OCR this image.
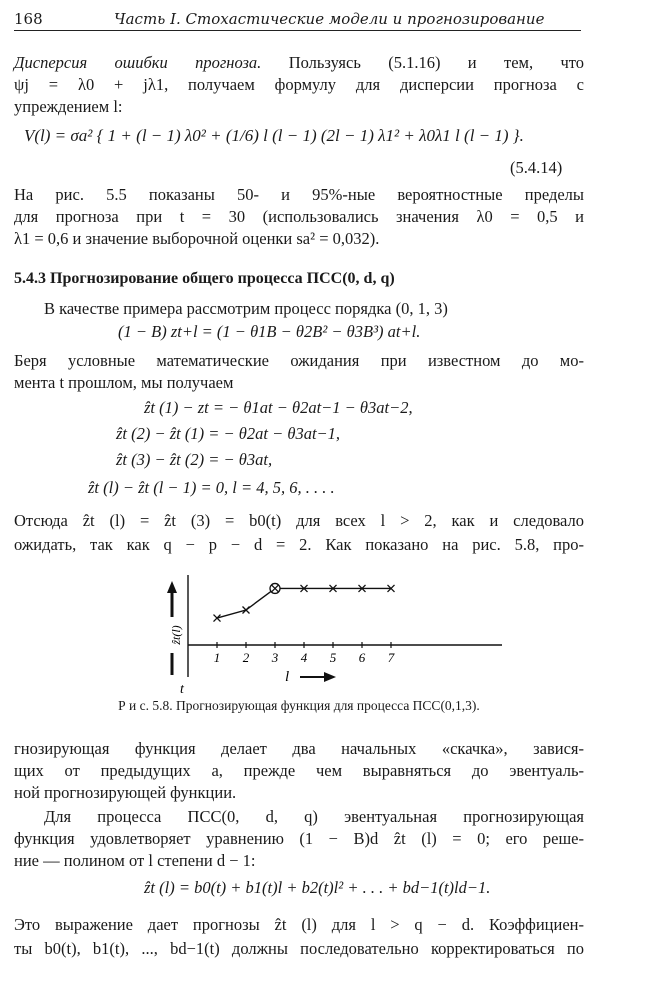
168	Часть I. Стохастические модели и прогнозирование
Дисперсия ошибки прогноза. Пользуясь (5.1.16) и тем, что
ψj = λ0 + jλ1, получаем формулу для дисперсии прогноза с
упреждением l:
V(l) = σa² { 1 + (l − 1) λ0² + (1/6) l (l − 1) (2l − 1) λ1² + λ0λ1 l (l − 1) }.
(5.4.14)
На рис. 5.5 показаны 50- и 95%-ные вероятностные пределы
для прогноза при t = 30 (использовались значения λ0 = 0,5 и
λ1 = 0,6 и значение выборочной оценки sa² = 0,032).
5.4.3 Прогнозирование общего процесса ПСС(0, d, q)
В качестве примера рассмотрим процесс порядка (0, 1, 3)
(1 − B) zt+l = (1 − θ1B − θ2B² − θ3B³) at+l.
Беря условные математические ожидания при известном до мо-
мента t прошлом, мы получаем
ẑt (1) − zt = − θ1at − θ2at−1 − θ3at−2,
ẑt (2) − ẑt (1) = − θ2at − θ3at−1,
ẑt (3) − ẑt (2) = − θ3at,
ẑt (l) − ẑt (l − 1) = 0, l = 4, 5, 6, . . . .
Отсюда ẑt (l) = ẑt (3) = b0(t) для всех l > 2, как и следовало
ожидать, так как q − p − d = 2. Как показано на рис. 5.8, про-
ẑt(l)
t
l
1 2 3 4 5 6 7
Р и с. 5.8. Прогнозирующая функция для процесса ПСС(0,1,3).
гнозирующая функция делает два начальных «скачка», завися-
щих от предыдущих a, прежде чем выравняться до эвентуаль-
ной прогнозирующей функции.
Для процесса ПСС(0, d, q) эвентуальная прогнозирующая
функция удовлетворяет уравнению (1 − B)d ẑt (l) = 0; его реше-
ние — полином от l степени d − 1:
ẑt (l) = b0(t) + b1(t)l + b2(t)l² + . . . + bd−1(t)ld−1.
Это выражение дает прогнозы ẑt (l) для l > q − d. Коэффициен-
ты b0(t), b1(t), ..., bd−1(t) должны последовательно корректироваться по
